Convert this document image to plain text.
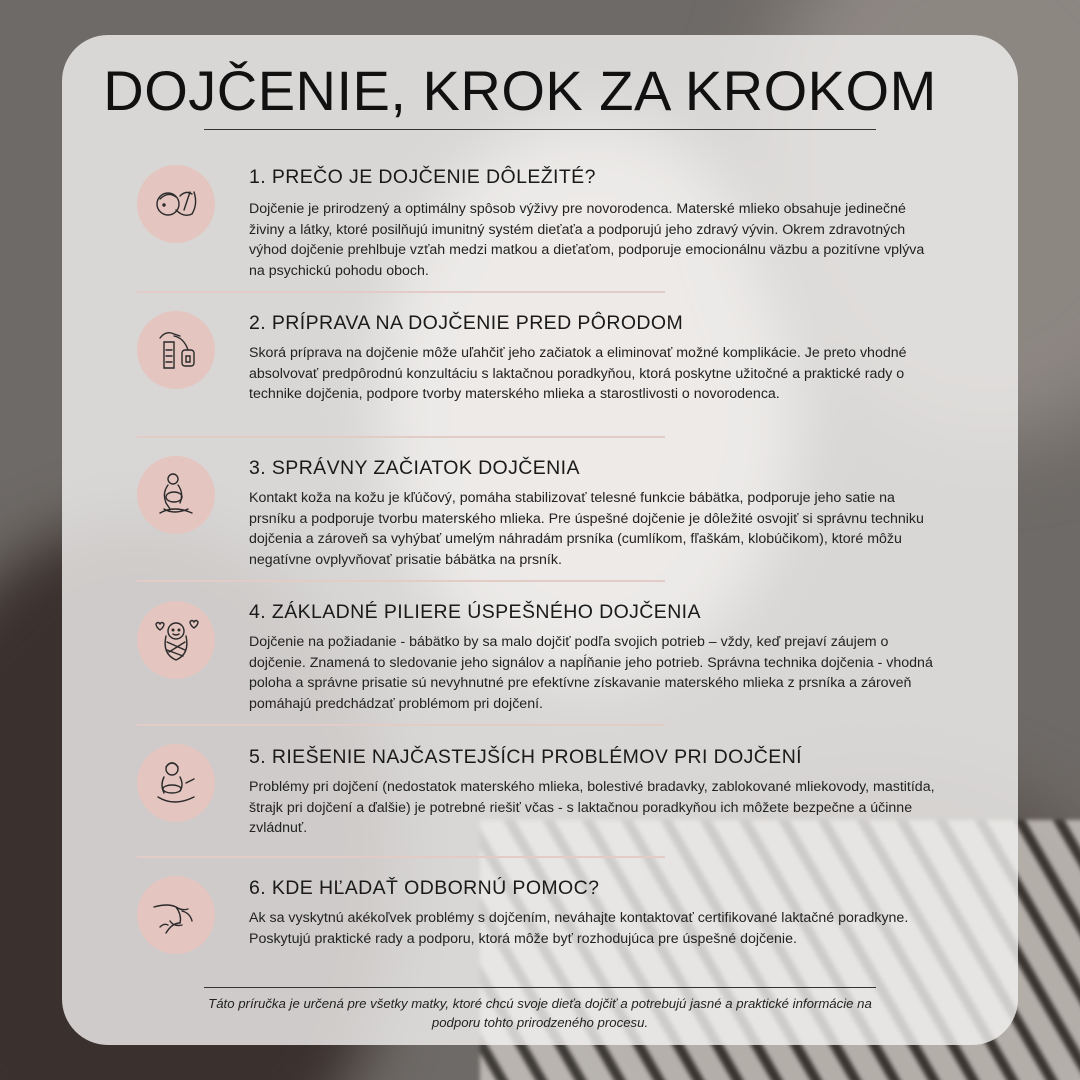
DOJČENIE, KROK ZA KROKOM
1. PREČO JE DOJČENIE DÔLEŽITÉ?

Dojčenie je prirodzený a optimálny spôsob výživy pre novorodenca. Materské mlieko obsahuje jedinečné živiny a látky, ktoré posilňujú imunitný systém dieťaťa a podporujú jeho zdravý vývin. Okrem zdravotných výhod dojčenie prehlbuje vzťah medzi matkou a dieťaťom, podporuje emocionálnu väzbu a pozitívne vplýva na psychickú pohodu oboch.

2. PRÍPRAVA NA DOJČENIE PRED PÔRODOM

Skorá príprava na dojčenie môže uľahčiť jeho začiatok a eliminovať možné komplikácie. Je preto vhodné absolvovať predpôrodnú konzultáciu s laktačnou poradkyňou, ktorá poskytne užitočné a praktické rady o technike dojčenia, podpore tvorby materského mlieka a starostlivosti o novorodenca.

3. SPRÁVNY ZAČIATOK DOJČENIA

Kontakt koža na kožu je kľúčový, pomáha stabilizovať telesné funkcie bábätka, podporuje jeho satie na prsníku a podporuje tvorbu materského mlieka. Pre úspešné dojčenie je dôležité osvojiť si správnu techniku dojčenia a zároveň sa vyhýbať umelým náhradám prsníka (cumlíkom, fľaškám, klobúčikom), ktoré môžu negatívne ovplyvňovať prisatie bábätka na prsník.

4. ZÁKLADNÉ PILIERE ÚSPEŠNÉHO DOJČENIA

Dojčenie na požiadanie - bábätko by sa malo dojčiť podľa svojich potrieb – vždy, keď prejaví záujem o dojčenie. Znamená to sledovanie jeho signálov a napĺňanie jeho potrieb. Správna technika dojčenia - vhodná poloha a správne prisatie sú nevyhnutné pre efektívne získavanie materského mlieka z prsníka a zároveň pomáhajú predchádzať problémom pri dojčení.

5. RIEŠENIE NAJČASTEJŠÍCH PROBLÉMOV PRI DOJČENÍ

Problémy pri dojčení (nedostatok materského mlieka, bolestivé bradavky, zablokované mliekovody, mastitída, štrajk pri dojčení a ďalšie) je potrebné riešiť včas - s laktačnou poradkyňou ich môžete bezpečne a účinne zvládnuť.

6. KDE HĽADAŤ ODBORNÚ POMOC?

Ak sa vyskytnú akékoľvek problémy s dojčením, neváhajte kontaktovať certifikované laktačné poradkyne. Poskytujú praktické rady a podporu, ktorá môže byť rozhodujúca pre úspešné dojčenie.

Táto príručka je určená pre všetky matky, ktoré chcú svoje dieťa dojčiť a potrebujú jasné a praktické informácie na podporu tohto prirodzeného procesu.
